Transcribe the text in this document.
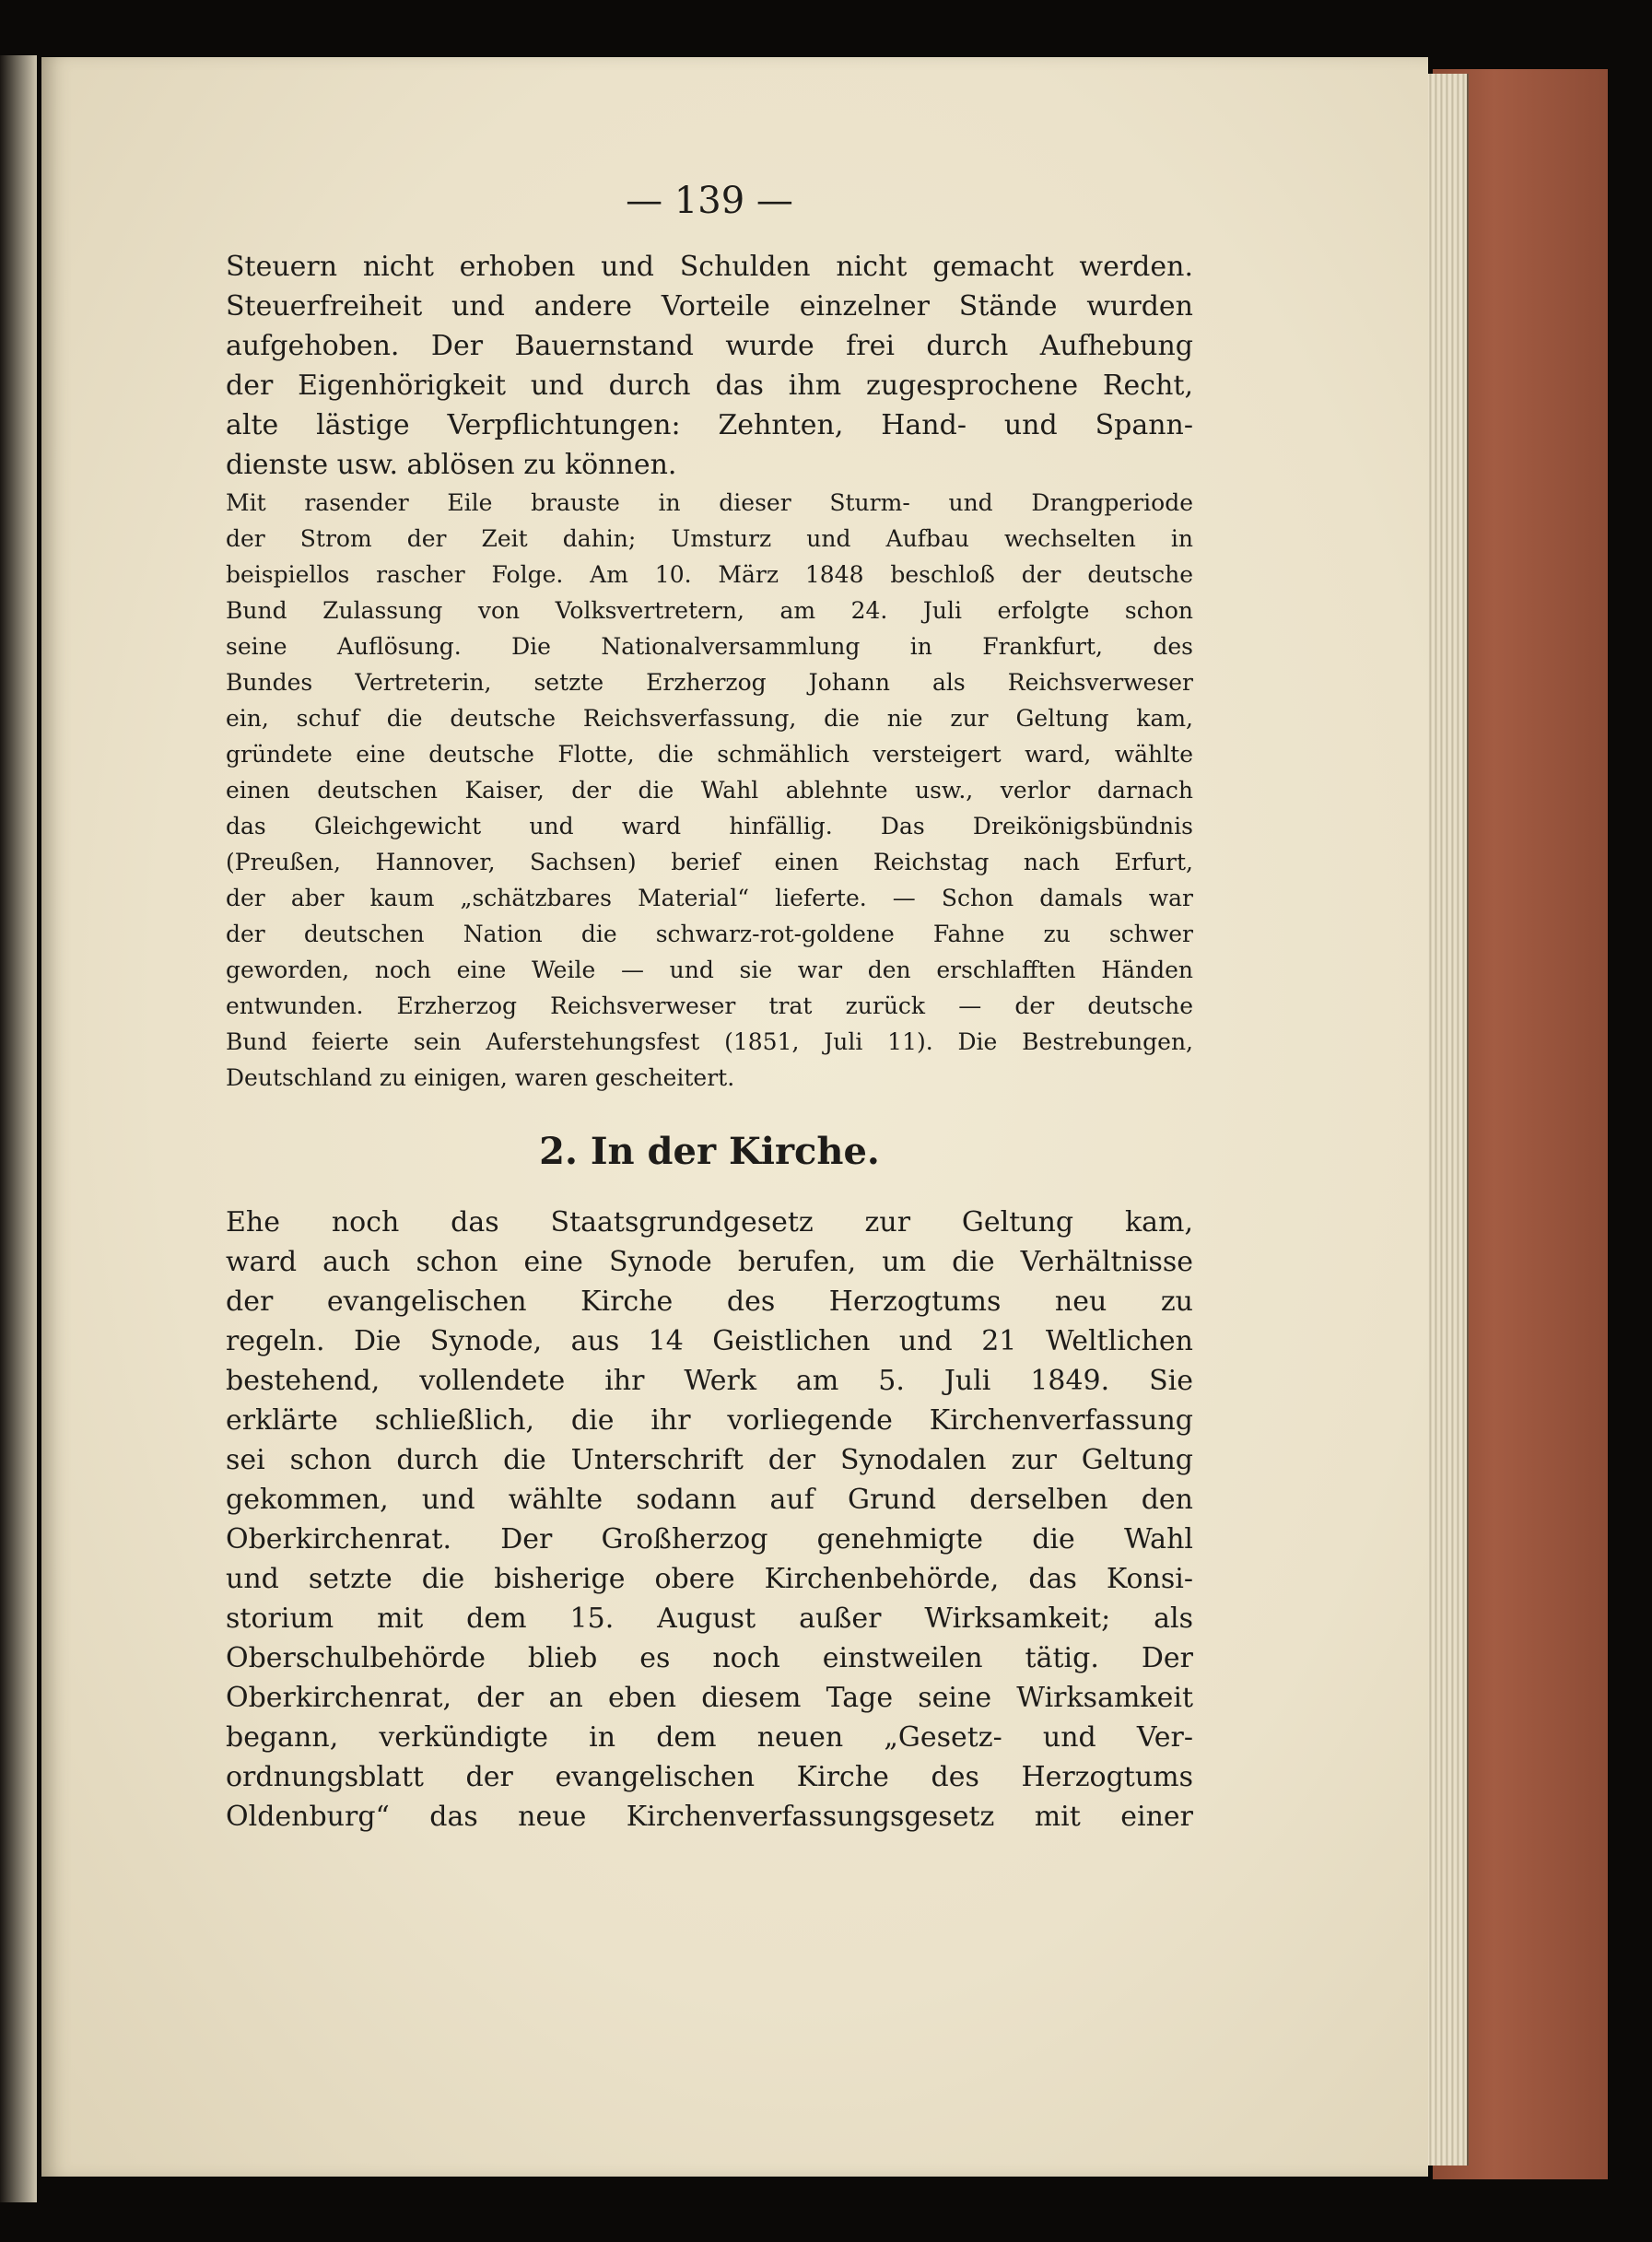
— 139 —
Steuern nicht erhoben und Schulden nicht gemacht werden.
Steuerfreiheit und andere Vorteile einzelner Stände wurden
aufgehoben. Der Bauernstand wurde frei durch Aufhebung
der Eigenhörigkeit und durch das ihm zugesprochene Recht,
alte lästige Verpflichtungen: Zehnten, Hand- und Spann-
dienste usw. ablösen zu können.
Mit rasender Eile brauste in dieser Sturm- und Drangperiode
der Strom der Zeit dahin; Umsturz und Aufbau wechselten in
beispiellos rascher Folge. Am 10. März 1848 beschloß der deutsche
Bund Zulassung von Volksvertretern, am 24. Juli erfolgte schon
seine Auflösung. Die Nationalversammlung in Frankfurt, des
Bundes Vertreterin, setzte Erzherzog Johann als Reichsverweser
ein, schuf die deutsche Reichsverfassung, die nie zur Geltung kam,
gründete eine deutsche Flotte, die schmählich versteigert ward, wählte
einen deutschen Kaiser, der die Wahl ablehnte usw., verlor darnach
das Gleichgewicht und ward hinfällig. Das Dreikönigsbündnis
(Preußen, Hannover, Sachsen) berief einen Reichstag nach Erfurt,
der aber kaum „schätzbares Material“ lieferte. — Schon damals war
der deutschen Nation die schwarz-rot-goldene Fahne zu schwer
geworden, noch eine Weile — und sie war den erschlafften Händen
entwunden. Erzherzog Reichsverweser trat zurück — der deutsche
Bund feierte sein Auferstehungsfest (1851, Juli 11). Die Bestrebungen,
Deutschland zu einigen, waren gescheitert.
2. In der Kirche.
Ehe noch das Staatsgrundgesetz zur Geltung kam,
ward auch schon eine Synode berufen, um die Verhältnisse
der evangelischen Kirche des Herzogtums neu zu
regeln. Die Synode, aus 14 Geistlichen und 21 Weltlichen
bestehend, vollendete ihr Werk am 5. Juli 1849. Sie
erklärte schließlich, die ihr vorliegende Kirchenverfassung
sei schon durch die Unterschrift der Synodalen zur Geltung
gekommen, und wählte sodann auf Grund derselben den
Oberkirchenrat. Der Großherzog genehmigte die Wahl
und setzte die bisherige obere Kirchenbehörde, das Konsi-
storium mit dem 15. August außer Wirksamkeit; als
Oberschulbehörde blieb es noch einstweilen tätig. Der
Oberkirchenrat, der an eben diesem Tage seine Wirksamkeit
begann, verkündigte in dem neuen „Gesetz- und Ver-
ordnungsblatt der evangelischen Kirche des Herzogtums
Oldenburg“ das neue Kirchenverfassungsgesetz mit einer
